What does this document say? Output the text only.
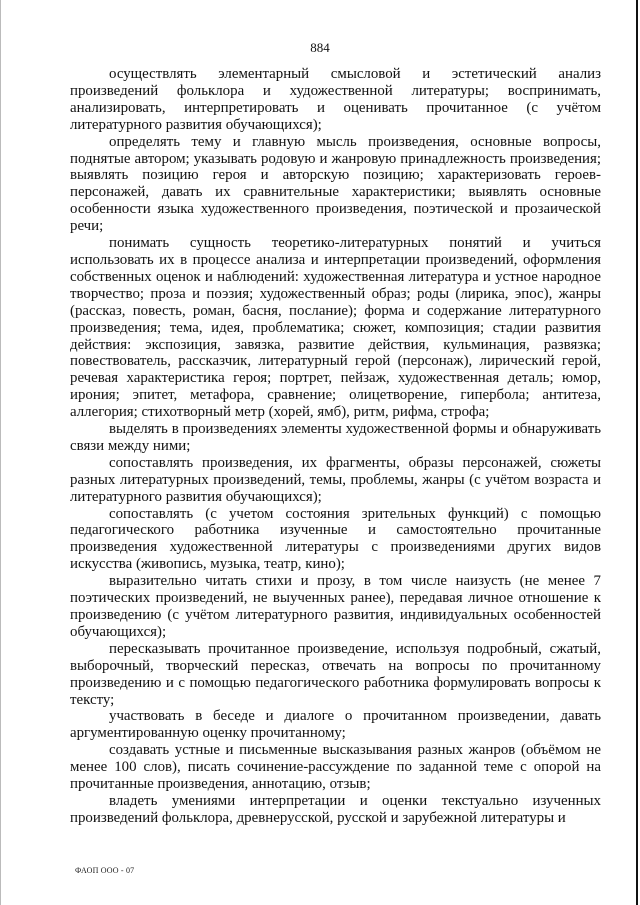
884

осуществлять элементарный смысловой и эстетический анализ произведений фольклора и художественной литературы; воспринимать, анализировать, интерпретировать и оценивать прочитанное (с учётом литературного развития обучающихся);

определять тему и главную мысль произведения, основные вопросы, поднятые автором; указывать родовую и жанровую принадлежность произведения; выявлять позицию героя и авторскую позицию; характеризовать героев-персонажей, давать их сравнительные характеристики; выявлять основные особенности языка художественного произведения, поэтической и прозаической речи;

понимать сущность теоретико-литературных понятий и учиться использовать их в процессе анализа и интерпретации произведений, оформления собственных оценок и наблюдений: художественная литература и устное народное творчество; проза и поэзия; художественный образ; роды (лирика, эпос), жанры (рассказ, повесть, роман, басня, послание); форма и содержание литературного произведения; тема, идея, проблематика; сюжет, композиция; стадии развития действия: экспозиция, завязка, развитие действия, кульминация, развязка; повествователь, рассказчик, литературный герой (персонаж), лирический герой, речевая характеристика героя; портрет, пейзаж, художественная деталь; юмор, ирония; эпитет, метафора, сравнение; олицетворение, гипербола; антитеза, аллегория; стихотворный метр (хорей, ямб), ритм, рифма, строфа;

выделять в произведениях элементы художественной формы и обнаруживать связи между ними;

сопоставлять произведения, их фрагменты, образы персонажей, сюжеты разных литературных произведений, темы, проблемы, жанры (с учётом возраста и литературного развития обучающихся);

сопоставлять (с учетом состояния зрительных функций) с помощью педагогического работника изученные и самостоятельно прочитанные произведения художественной литературы с произведениями других видов искусства (живопись, музыка, театр, кино);

выразительно читать стихи и прозу, в том числе наизусть (не менее 7 поэтических произведений, не выученных ранее), передавая личное отношение к произведению (с учётом литературного развития, индивидуальных особенностей обучающихся);

пересказывать прочитанное произведение, используя подробный, сжатый, выборочный, творческий пересказ, отвечать на вопросы по прочитанному произведению и с помощью педагогического работника формулировать вопросы к тексту;

участвовать в беседе и диалоге о прочитанном произведении, давать аргументированную оценку прочитанному;

создавать устные и письменные высказывания разных жанров (объёмом не менее 100 слов), писать сочинение-рассуждение по заданной теме с опорой на прочитанные произведения, аннотацию, отзыв;

владеть умениями интерпретации и оценки текстуально изученных произведений фольклора, древнерусской, русской и зарубежной литературы и

ФАОП ООО - 07
